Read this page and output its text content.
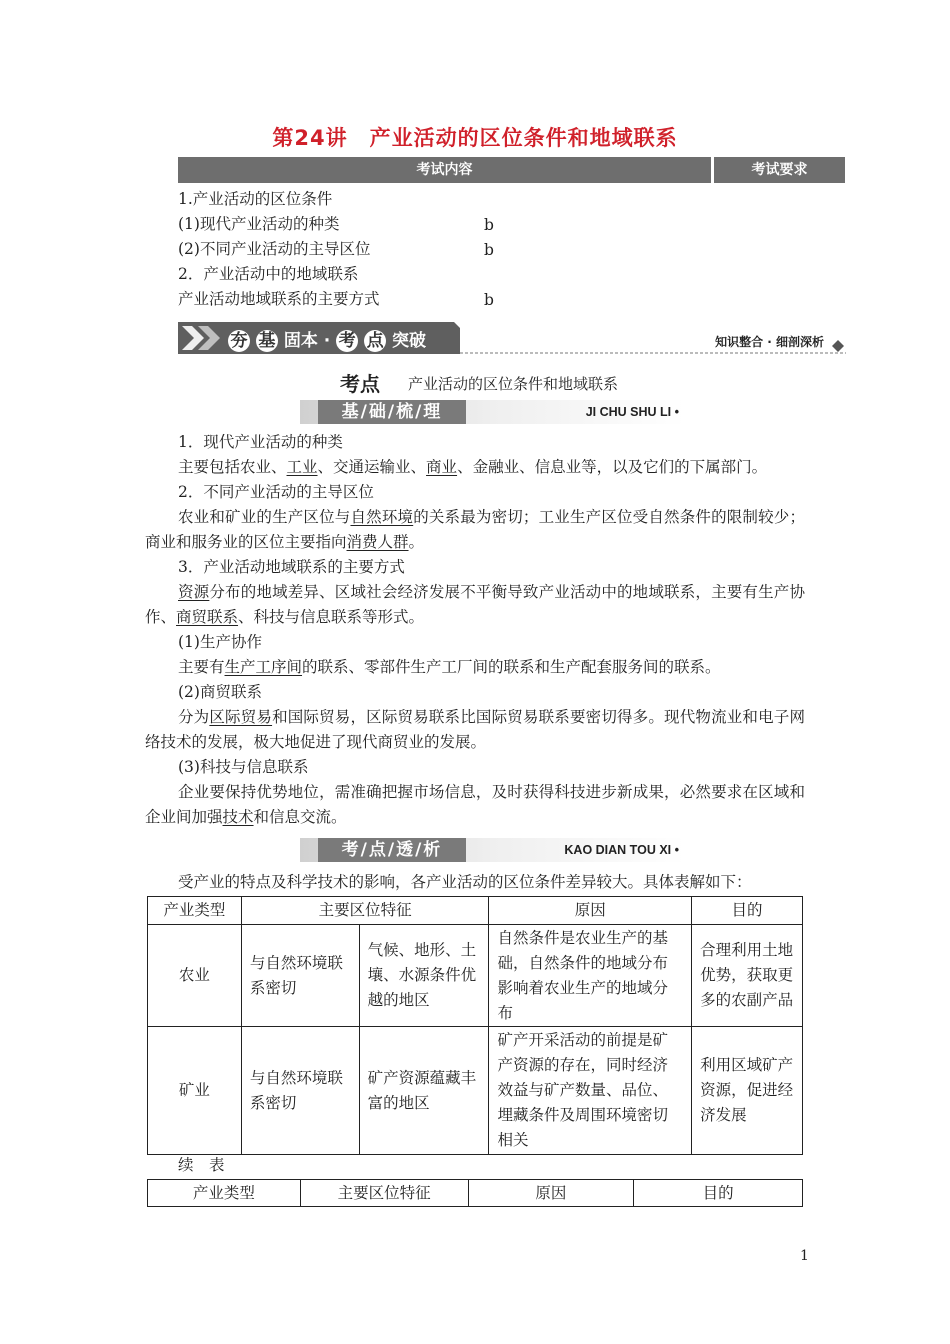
第24讲 产业活动的区位条件和地域联系
考试内容	考试要求
1.产业活动的区位条件
(1)现代产业活动的种类	b
(2)不同产业活动的主导区位	b
2．产业活动中的地域联系
产业活动地域联系的主要方式	b
夯 基 固本 · 考 点 突破	知识整合 · 细剖深析
考点 产业活动的区位条件和地域联系
基/础/梳/理	JI CHU SHU LI •
1．现代产业活动的种类
主要包括农业、工业、交通运输业、商业、金融业、信息业等，以及它们的下属部门。
2．不同产业活动的主导区位
农业和矿业的生产区位与自然环境的关系最为密切；工业生产区位受自然条件的限制较少；商业和服务业的区位主要指向消费人群。
3．产业活动地域联系的主要方式
资源分布的地域差异、区域社会经济发展不平衡导致产业活动中的地域联系，主要有生产协作、商贸联系、科技与信息联系等形式。
(1)生产协作
主要有生产工序间的联系、零部件生产工厂间的联系和生产配套服务间的联系。
(2)商贸联系
分为区际贸易和国际贸易，区际贸易联系比国际贸易联系要密切得多。现代物流业和电子网络技术的发展，极大地促进了现代商贸业的发展。
(3)科技与信息联系
企业要保持优势地位，需准确把握市场信息，及时获得科技进步新成果，必然要求在区域和企业间加强技术和信息交流。
考/点/透/析	KAO DIAN TOU XI •
受产业的特点及科学技术的影响，各产业活动的区位条件差异较大。具体表解如下：
产业类型	主要区位特征		原因	目的
农业	与自然环境联系密切	气候、地形、土壤、水源条件优越的地区	自然条件是农业生产的基础，自然条件的地域分布影响着农业生产的地域分布	合理利用土地优势，获取更多的农副产品
矿业	与自然环境联系密切	矿产资源蕴藏丰富的地区	矿产开采活动的前提是矿产资源的存在，同时经济效益与矿产数量、品位、埋藏条件及周围环境密切相关	利用区域矿产资源，促进经济发展
续　表
产业类型	主要区位特征	原因	目的
1
